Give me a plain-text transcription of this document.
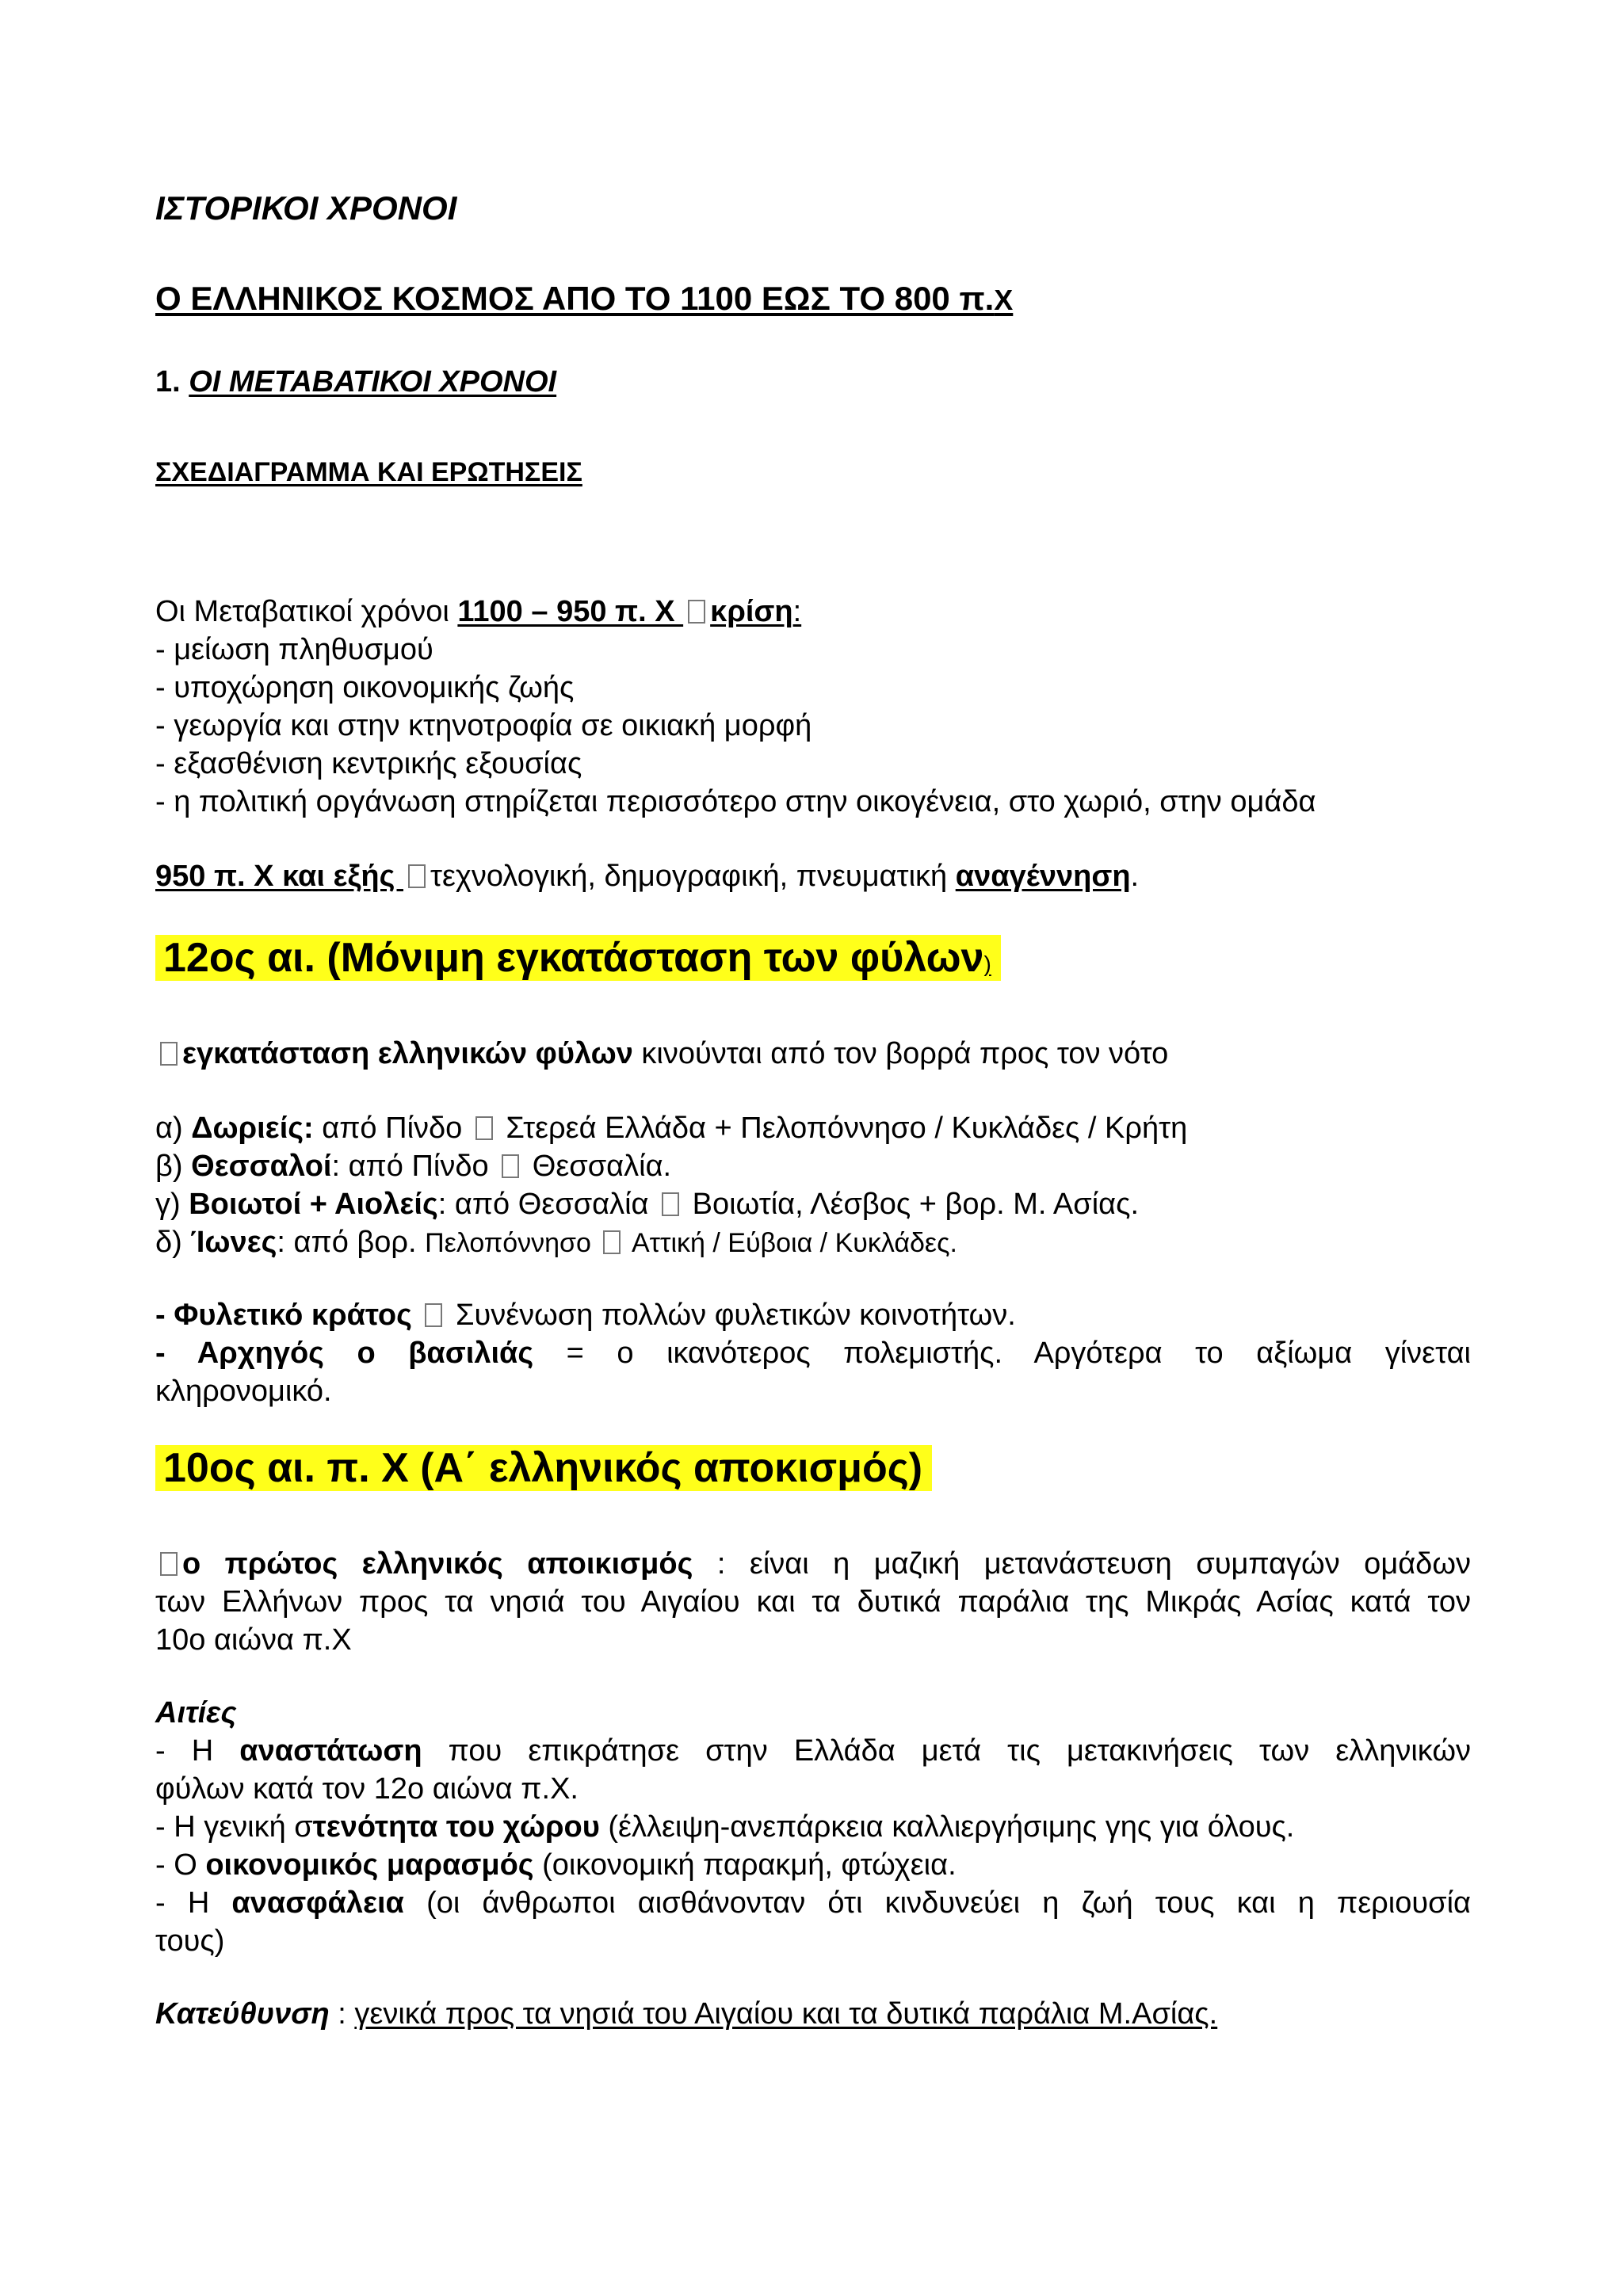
ΙΣΤΟΡΙΚΟΙ ΧΡΟΝΟΙ
Ο ΕΛΛΗΝΙΚΟΣ ΚΟΣΜΟΣ ΑΠΟ ΤΟ 1100 ΕΩΣ ΤΟ 800 π.Χ
1. ΟΙ ΜΕΤΑΒΑΤΙΚΟΙ ΧΡΟΝΟΙ
ΣΧΕΔΙΑΓΡΑΜΜΑ ΚΑΙ ΕΡΩΤΗΣΕΙΣ
Οι Μεταβατικοί χρόνοι 1100 – 950 π. Χ κρίση:
- μείωση πληθυσμού
- υποχώρηση οικονομικής ζωής
- γεωργία και στην κτηνοτροφία σε οικιακή μορφή
- εξασθένιση κεντρικής εξουσίας
- η πολιτική οργάνωση στηρίζεται περισσότερο στην οικογένεια, στο χωριό, στην ομάδα
950 π. Χ και εξής τεχνολογική, δημογραφική, πνευματική αναγέννηση.
12ος αι. (Μόνιμη εγκατάσταση των φύλων)
εγκατάσταση ελληνικών φύλων κινούνται από τον βορρά προς τον νότο
α) Δωριείς: από Πίνδο  Στερεά Ελλάδα + Πελοπόννησο / Κυκλάδες / Κρήτη
β) Θεσσαλοί: από Πίνδο  Θεσσαλία.
γ) Βοιωτοί + Αιολείς: από Θεσσαλία  Βοιωτία, Λέσβος + βορ. Μ. Ασίας.
δ) Ίωνες: από βορ. Πελοπόννησο  Αττική / Εύβοια / Κυκλάδες.
- Φυλετικό κράτος  Συνένωση πολλών φυλετικών κοινοτήτων.
- Αρχηγός ο βασιλιάς = ο ικανότερος πολεμιστής. Αργότερα το αξίωμα γίνεται
κληρονομικό.
10ος αι. π. Χ (Α΄ ελληνικός αποκισμός)
ο πρώτος ελληνικός αποικισμός : είναι η μαζική μετανάστευση συμπαγών ομάδων
των Ελλήνων προς τα νησιά του Αιγαίου και τα δυτικά παράλια της Μικράς Ασίας κατά τον
10ο αιώνα π.Χ
Αιτίες
- Η αναστάτωση που επικράτησε στην Ελλάδα μετά τις μετακινήσεις των ελληνικών
φύλων κατά τον 12ο αιώνα π.Χ.
- Η γενική στενότητα του χώρου (έλλειψη-ανεπάρκεια καλλιεργήσιμης γης για όλους.
- Ο οικονομικός μαρασμός (οικονομική παρακμή, φτώχεια.
- Η ανασφάλεια (οι άνθρωποι αισθάνονταν ότι κινδυνεύει η ζωή τους και η περιουσία
τους)
Κατεύθυνση : γενικά προς τα νησιά του Αιγαίου και τα δυτικά παράλια Μ.Ασίας.
